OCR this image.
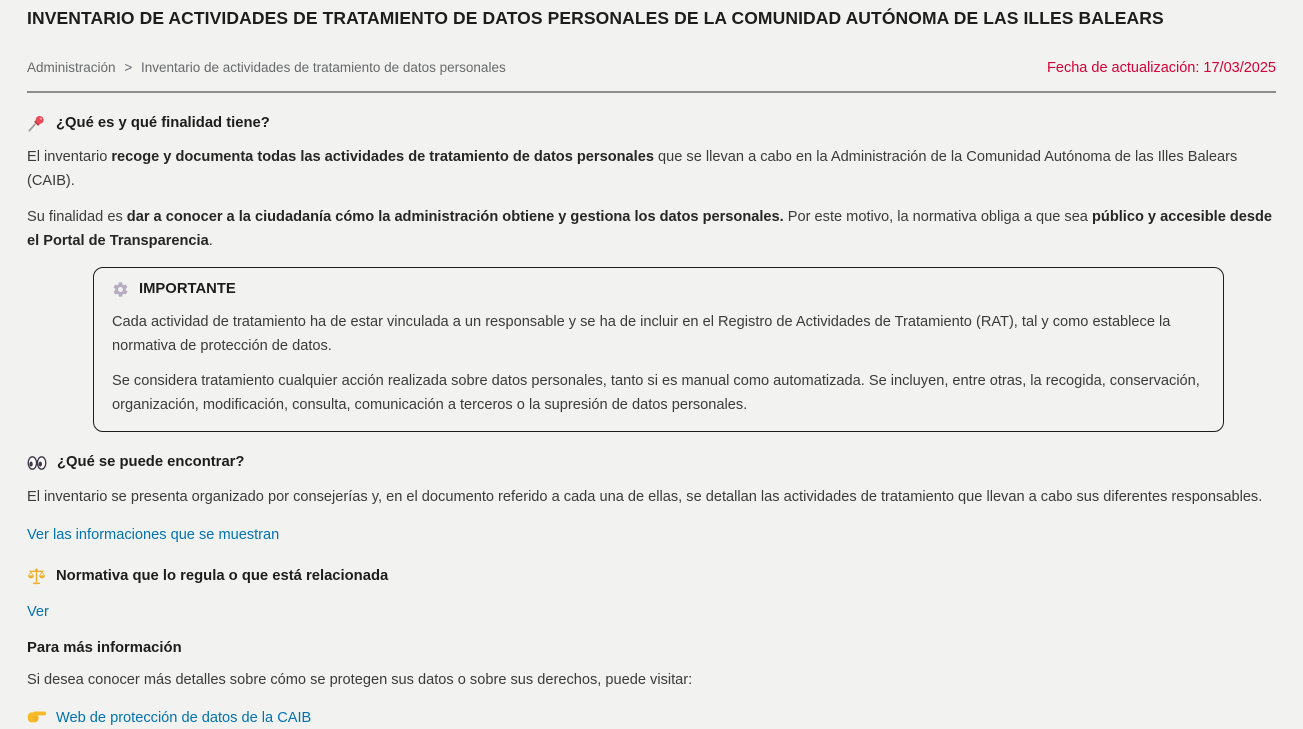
INVENTARIO DE ACTIVIDADES DE TRATAMIENTO DE DATOS PERSONALES DE LA COMUNIDAD AUTÓNOMA DE LAS ILLES BALEARS
Administración > Inventario de actividades de tratamiento de datos personales	Fecha de actualización: 17/03/2025
¿Qué es y qué finalidad tiene?

El inventario recoge y documenta todas las actividades de tratamiento de datos personales que se llevan a cabo en la Administración de la Comunidad Autónoma de las Illes Balears (CAIB).

Su finalidad es dar a conocer a la ciudadanía cómo la administración obtiene y gestiona los datos personales. Por este motivo, la normativa obliga a que sea público y accesible desde el Portal de Transparencia.

IMPORTANTE

Cada actividad de tratamiento ha de estar vinculada a un responsable y se ha de incluir en el Registro de Actividades de Tratamiento (RAT), tal y como establece la normativa de protección de datos.

Se considera tratamiento cualquier acción realizada sobre datos personales, tanto si es manual como automatizada. Se incluyen, entre otras, la recogida, conservación, organización, modificación, consulta, comunicación a terceros o la supresión de datos personales.

¿Qué se puede encontrar?

El inventario se presenta organizado por consejerías y, en el documento referido a cada una de ellas, se detallan las actividades de tratamiento que llevan a cabo sus diferentes responsables.

Ver las informaciones que se muestran
Normativa que lo regula o que está relacionada
Ver
Para más información

Si desea conocer más detalles sobre cómo se protegen sus datos o sobre sus derechos, puede visitar:

Web de protección de datos de la CAIB
